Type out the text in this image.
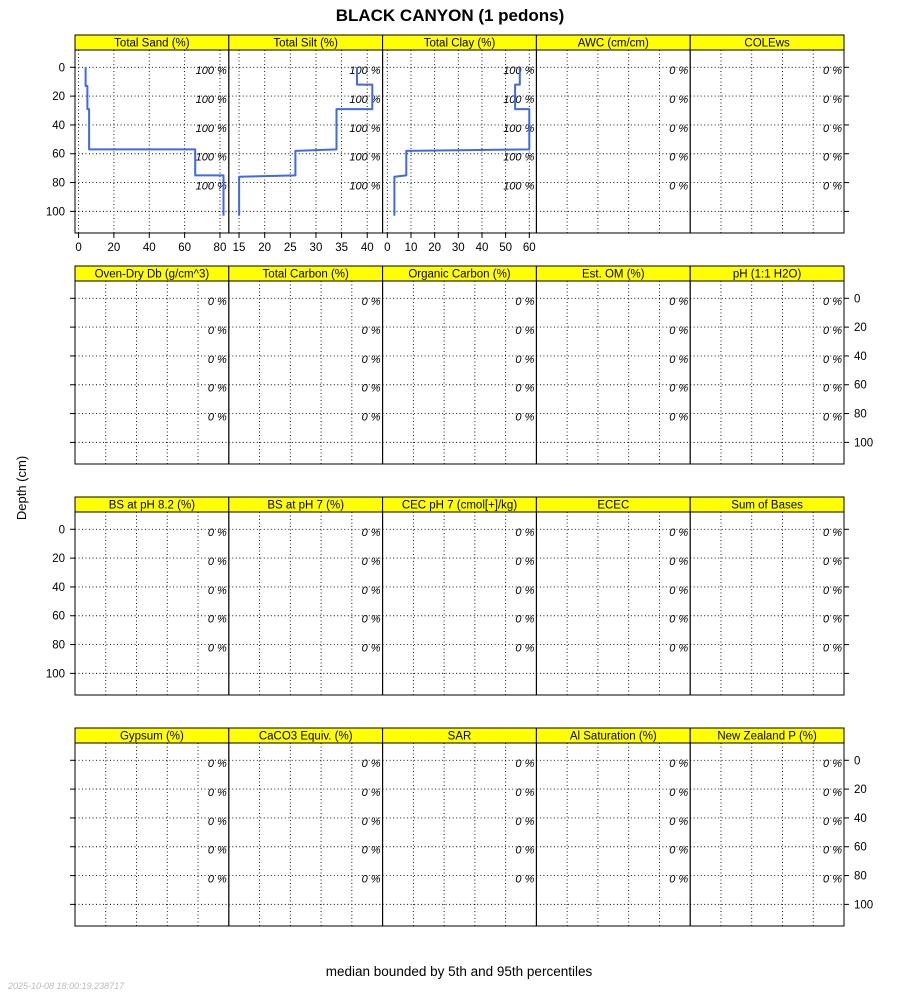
BLACK CANYON (1 pedons)
100 %
100 %
100 %
100 %
100 %
Total Sand (%)
0 20 40 60 80
100 %
100 %
100 %
100 %
100 %
Total Silt (%)
15 20 25 30 35 40
100 %
100 %
100 %
100 %
100 %
Total Clay (%)
0 10 20 30 40 50 60
0 %
0 %
0 %
0 %
0 %
AWC (cm/cm)
0 %
0 %
0 %
0 %
0 %
COLEws
0
20
40
60
80
100
0 %
0 %
0 %
0 %
0 %
Oven-Dry Db (g/cm^3)
0 %
0 %
0 %
0 %
0 %
Total Carbon (%)
0 %
0 %
0 %
0 %
0 %
Organic Carbon (%)
0 %
0 %
0 %
0 %
0 %
Est. OM (%)
0 %
0 %
0 %
0 %
0 %
pH (1:1 H2O)
0
20
40
60
80
100
0 %
0 %
0 %
0 %
0 %
BS at pH 8.2 (%)
0 %
0 %
0 %
0 %
0 %
BS at pH 7 (%)
0 %
0 %
0 %
0 %
0 %
CEC pH 7 (cmol[+]/kg)
0 %
0 %
0 %
0 %
0 %
ECEC
0 %
0 %
0 %
0 %
0 %
Sum of Bases
0
20
40
60
80
100
0 %
0 %
0 %
0 %
0 %
Gypsum (%)
0 %
0 %
0 %
0 %
0 %
CaCO3 Equiv. (%)
0 %
0 %
0 %
0 %
0 %
SAR
0 %
0 %
0 %
0 %
0 %
Al Saturation (%)
0 %
0 %
0 %
0 %
0 %
New Zealand P (%)
0
20
40
60
80
100
Depth (cm)
median bounded by 5th and 95th percentiles
2025-10-08 18:00:19.238717
